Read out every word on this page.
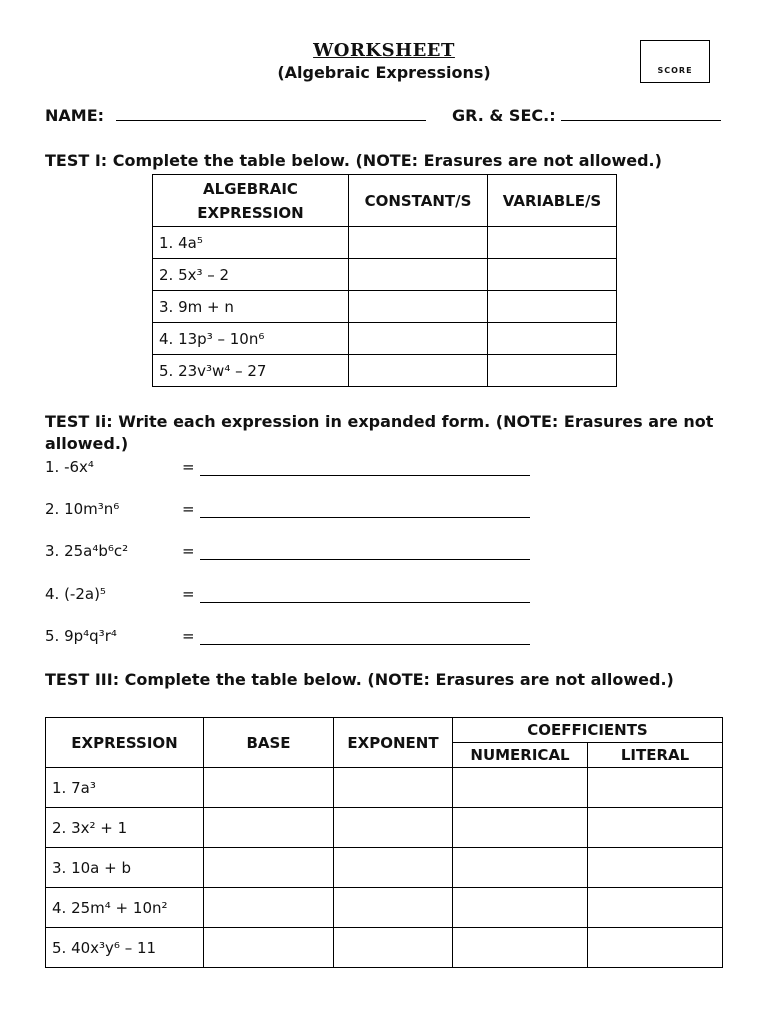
WORKSHEET
(Algebraic Expressions)	SCORE
NAME:	GR. & SEC.:
TEST I: Complete the table below. (NOTE: Erasures are not allowed.)
ALGEBRAIC
EXPRESSION	CONSTANT/S	VARIABLE/S
1. 4a⁵		
2. 5x³ – 2		
3. 9m + n		
4. 13p³ – 10n⁶		
5. 23v³w⁴ – 27		
TEST Ii: Write each expression in expanded form. (NOTE: Erasures are not allowed.)
1. -6x⁴	=
2. 10m³n⁶	=
3. 25a⁴b⁶c²	=
4. (-2a)⁵	=
5. 9p⁴q³r⁴	=
TEST III: Complete the table below. (NOTE: Erasures are not allowed.)
EXPRESSION	BASE	EXPONENT	COEFFICIENTS	
			NUMERICAL	LITERAL
1. 7a³				
2. 3x² + 1				
3. 10a + b				
4. 25m⁴ + 10n²				
5. 40x³y⁶ – 11				
